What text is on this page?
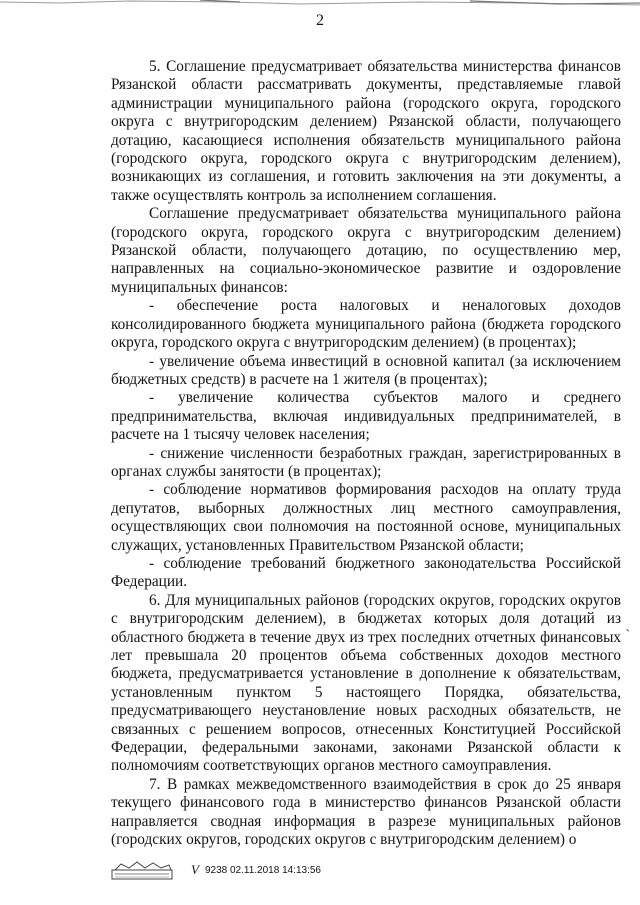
2
5. Соглашение предусматривает обязательства министерства финансов
Рязанской области рассматривать документы, представляемые главой
администрации муниципального района (городского округа, городского
округа с внутригородским делением) Рязанской области, получающего
дотацию, касающиеся исполнения обязательств муниципального района
(городского округа, городского округа с внутригородским делением),
возникающих из соглашения, и готовить заключения на эти документы, а
также осуществлять контроль за исполнением соглашения.
Соглашение предусматривает обязательства муниципального района
(городского округа, городского округа с внутригородским делением)
Рязанской области, получающего дотацию, по осуществлению мер,
направленных на социально-экономическое развитие и оздоровление
муниципальных финансов:
- обеспечение роста налоговых и неналоговых доходов
консолидированного бюджета муниципального района (бюджета городского
округа, городского округа с внутригородским делением) (в процентах);
- увеличение объема инвестиций в основной капитал (за исключением
бюджетных средств) в расчете на 1 жителя (в процентах);
- увеличение количества субъектов малого и среднего
предпринимательства, включая индивидуальных предпринимателей, в
расчете на 1 тысячу человек населения;
- снижение численности безработных граждан, зарегистрированных в
органах службы занятости (в процентах);
- соблюдение нормативов формирования расходов на оплату труда
депутатов, выборных должностных лиц местного самоуправления,
осуществляющих свои полномочия на постоянной основе, муниципальных
служащих, установленных Правительством Рязанской области;
- соблюдение требований бюджетного законодательства Российской
Федерации.
6. Для муниципальных районов (городских округов, городских округов
с внутригородским делением), в бюджетах которых доля дотаций из
областного бюджета в течение двух из трех последних отчетных финансовых
лет превышала 20 процентов объема собственных доходов местного
бюджета, предусматривается установление в дополнение к обязательствам,
установленным пунктом 5 настоящего Порядка, обязательства,
предусматривающего неустановление новых расходных обязательств, не
связанных с решением вопросов, отнесенных Конституцией Российской
Федерации, федеральными законами, законами Рязанской области к
полномочиям соответствующих органов местного самоуправления.
7. В рамках межведомственного взаимодействия в срок до 25 января
текущего финансового года в министерство финансов Рязанской области
направляется сводная информация в разрезе муниципальных районов
(городских округов, городских округов с внутригородским делением) о
ˏ
V 9238 02.11.2018 14:13:56
